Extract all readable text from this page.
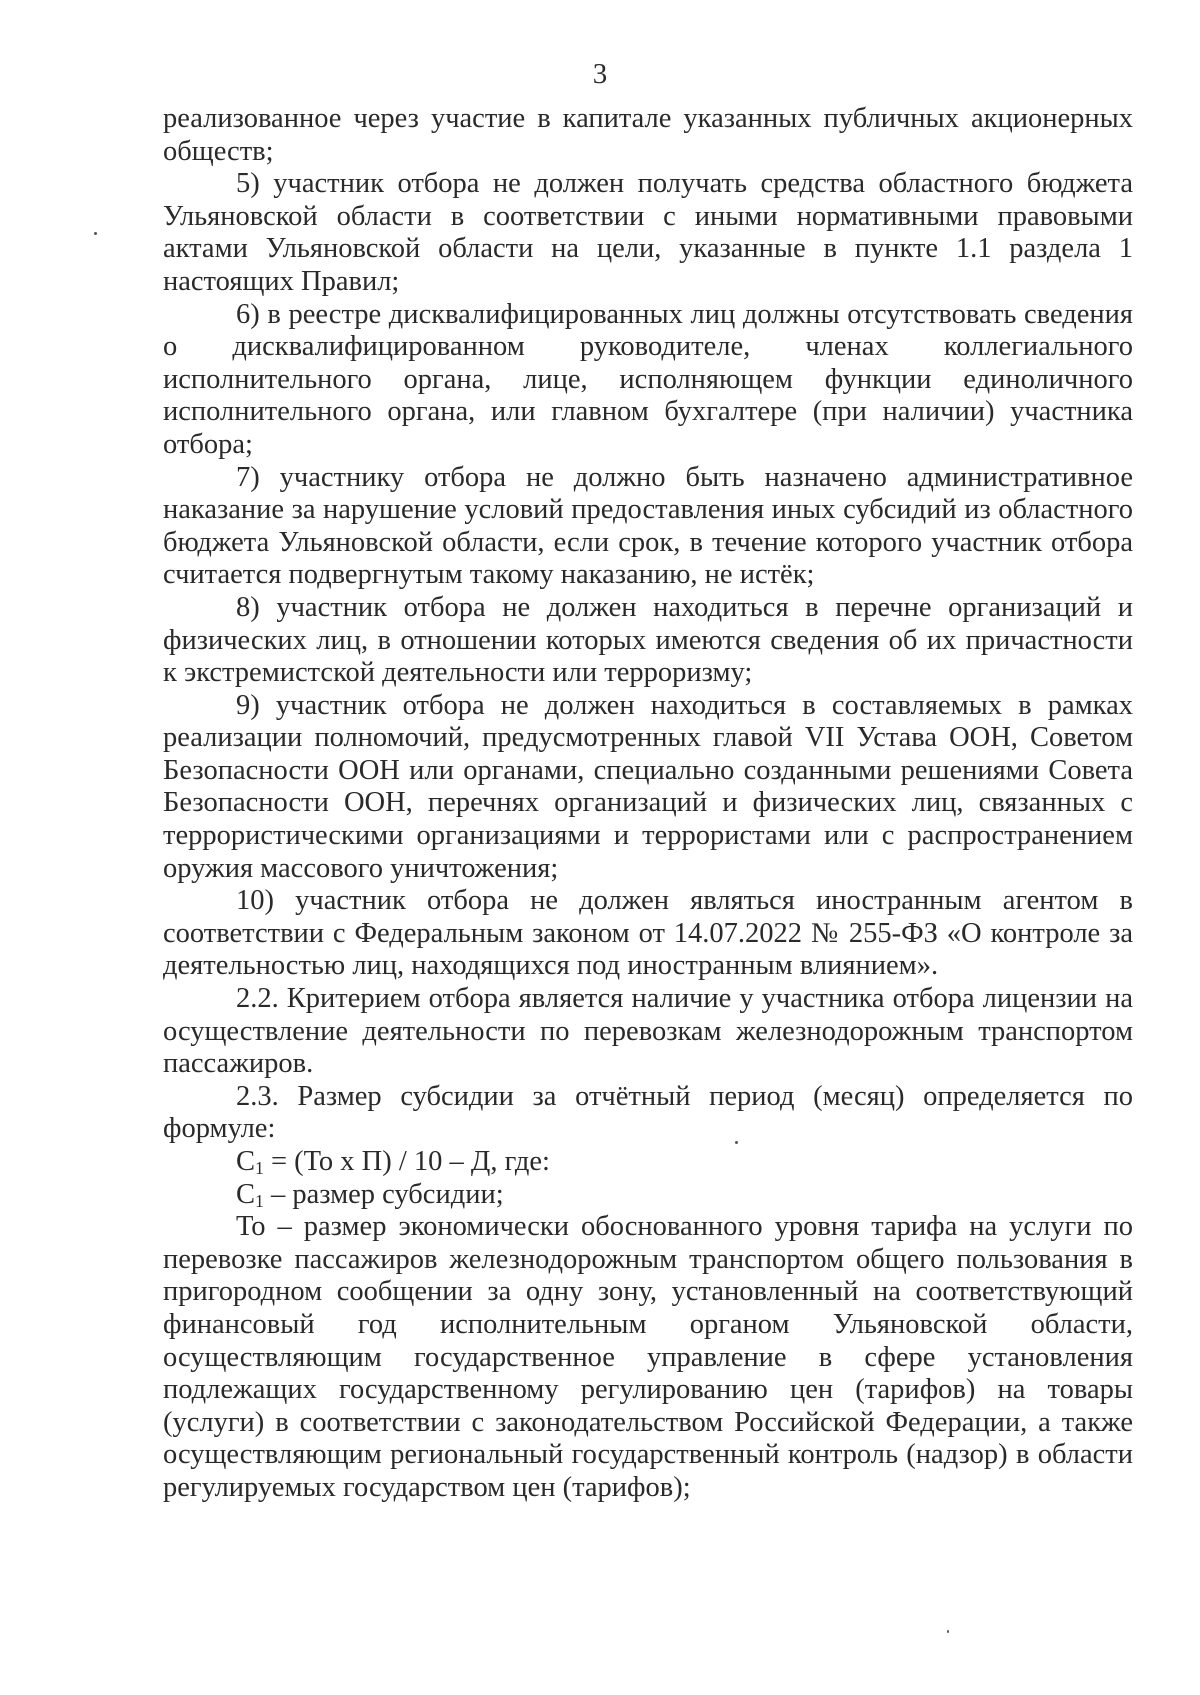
3

реализованное через участие в капитале указанных публичных акционерных обществ;

5) участник отбора не должен получать средства областного бюджета Ульяновской области в соответствии с иными нормативными правовыми актами Ульяновской области на цели, указанные в пункте 1.1 раздела 1 настоящих Правил;

6) в реестре дисквалифицированных лиц должны отсутствовать сведения о дисквалифицированном руководителе, членах коллегиального исполнительного органа, лице, исполняющем функции единоличного исполнительного органа, или главном бухгалтере (при наличии) участника отбора;

7) участнику отбора не должно быть назначено административное наказание за нарушение условий предоставления иных субсидий из областного бюджета Ульяновской области, если срок, в течение которого участник отбора считается подвергнутым такому наказанию, не истёк;

8) участник отбора не должен находиться в перечне организаций и физических лиц, в отношении которых имеются сведения об их причастности к экстремистской деятельности или терроризму;

9) участник отбора не должен находиться в составляемых в рамках реализации полномочий, предусмотренных главой VII Устава ООН, Советом Безопасности ООН или органами, специально созданными решениями Совета Безопасности ООН, перечнях организаций и физических лиц, связанных с террористическими организациями и террористами или с распространением оружия массового уничтожения;

10) участник отбора не должен являться иностранным агентом в соответствии с Федеральным законом от 14.07.2022 № 255-ФЗ «О контроле за деятельностью лиц, находящихся под иностранным влиянием».

2.2. Критерием отбора является наличие у участника отбора лицензии на осуществление деятельности по перевозкам железнодорожным транспортом пассажиров.

2.3. Размер субсидии за отчётный период (месяц) определяется по формуле:

$С_1 = (То$ х П) / 10 – Д, где:

$С_1$ – размер субсидии;

То – размер экономически обоснованного уровня тарифа на услуги по перевозке пассажиров железнодорожным транспортом общего пользования в пригородном сообщении за одну зону, установленный на соответствующий финансовый год исполнительным органом Ульяновской области, осуществляющим государственное управление в сфере установления подлежащих государственному регулированию цен (тарифов) на товары (услуги) в соответствии с законодательством Российской Федерации, а также осуществляющим региональный государственный контроль (надзор) в области регулируемых государством цен (тарифов);
